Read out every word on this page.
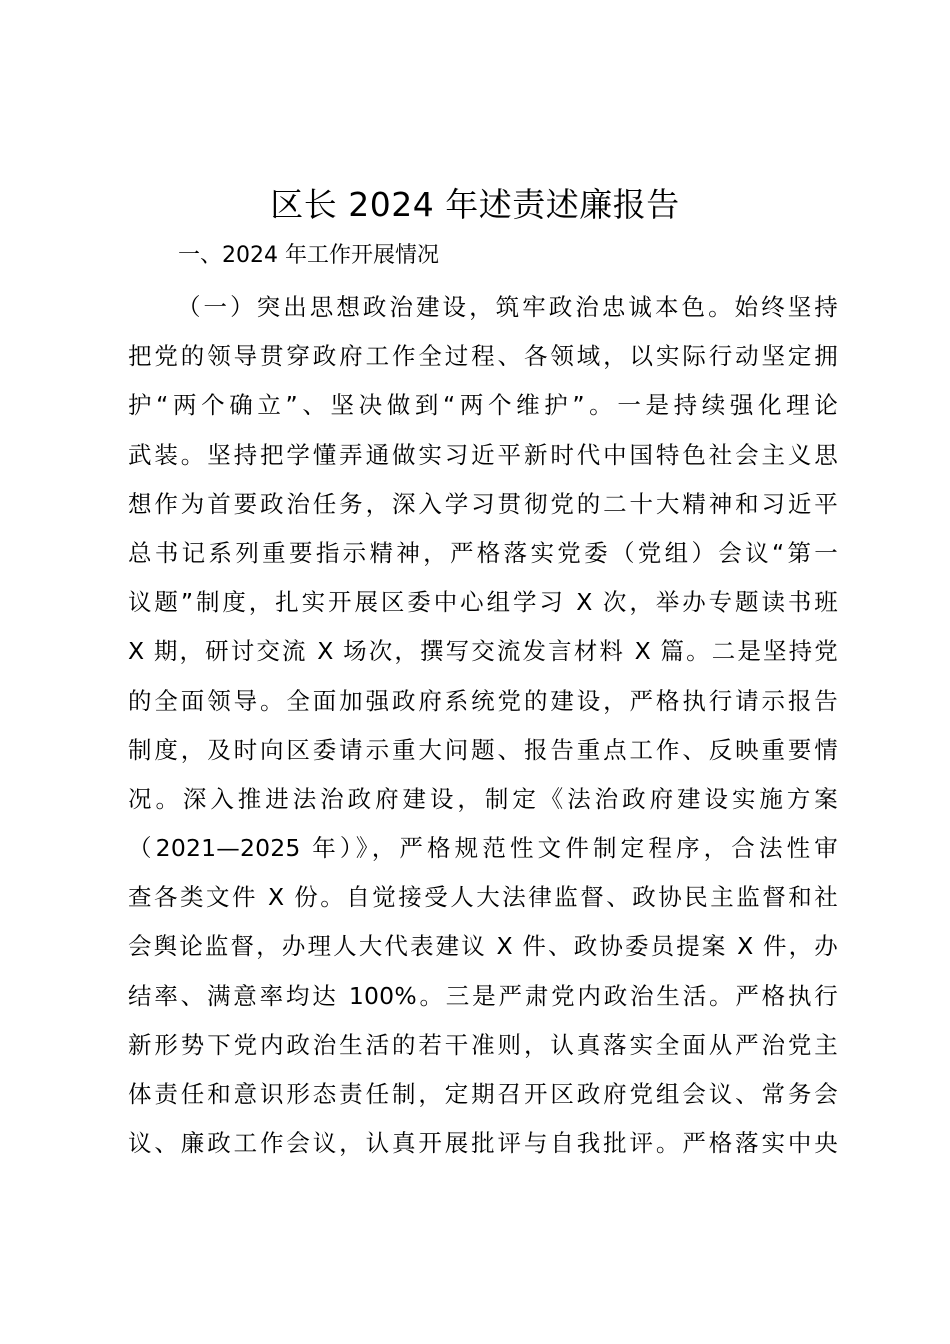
区长 2024 年述责述廉报告
一、2024 年工作开展情况
（一）突出思想政治建设，筑牢政治忠诚本色。始终坚持
把党的领导贯穿政府工作全过程、各领域，以实际行动坚定拥
护“两个确立”、坚决做到“两个维护”。一是持续强化理论
武装。坚持把学懂弄通做实习近平新时代中国特色社会主义思
想作为首要政治任务，深入学习贯彻党的二十大精神和习近平
总书记系列重要指示精神，严格落实党委（党组）会议“第一
议题”制度，扎实开展区委中心组学习 X 次，举办专题读书班
X 期，研讨交流 X 场次，撰写交流发言材料 X 篇。二是坚持党
的全面领导。全面加强政府系统党的建设，严格执行请示报告
制度，及时向区委请示重大问题、报告重点工作、反映重要情
况。深入推进法治政府建设，制定《法治政府建设实施方案
（2021—2025 年）》，严格规范性文件制定程序，合法性审
查各类文件 X 份。自觉接受人大法律监督、政协民主监督和社
会舆论监督，办理人大代表建议 X 件、政协委员提案 X 件，办
结率、满意率均达 100%。三是严肃党内政治生活。严格执行
新形势下党内政治生活的若干准则，认真落实全面从严治党主
体责任和意识形态责任制，定期召开区政府党组会议、常务会
议、廉政工作会议，认真开展批评与自我批评。严格落实中央
